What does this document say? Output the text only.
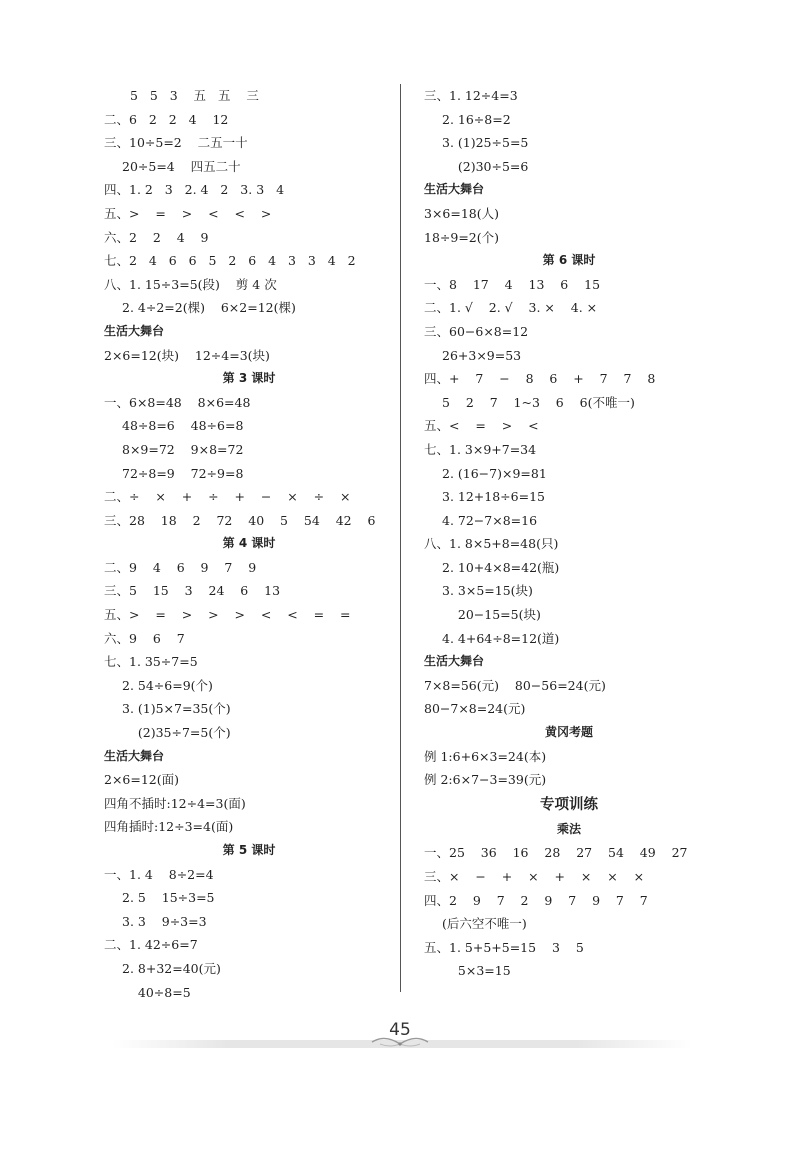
5   5   3    五   五    三
二、6   2   2   4    12
三、10÷5=2    二五一十
20÷5=4    四五二十
四、1. 2   3   2. 4   2   3. 3   4
五、>    =    >    <    <    >
六、2    2    4    9
七、2   4   6   6   5   2   6   4   3   3   4   2
八、1. 15÷3=5(段)    剪 4 次
2. 4÷2=2(棵)    6×2=12(棵)
生活大舞台
2×6=12(块)    12÷4=3(块)
第 3 课时
一、6×8=48    8×6=48
48÷8=6    48÷6=8
8×9=72    9×8=72
72÷8=9    72÷9=8
二、÷    ×    +    ÷    +    −    ×    ÷    ×
三、28    18    2    72    40    5    54    42    6
第 4 课时
二、9    4    6    9    7    9
三、5    15    3    24    6    13
五、>    =    >    >    >    <    <    =    =
六、9    6    7
七、1. 35÷7=5
2. 54÷6=9(个)
3. (1)5×7=35(个)
(2)35÷7=5(个)
生活大舞台
2×6=12(面)
四角不插时:12÷4=3(面)
四角插时:12÷3=4(面)
第 5 课时
一、1. 4    8÷2=4
2. 5    15÷3=5
3. 3    9÷3=3
二、1. 42÷6=7
2. 8+32=40(元)
40÷8=5
三、1. 12÷4=3
2. 16÷8=2
3. (1)25÷5=5
(2)30÷5=6
生活大舞台
3×6=18(人)
18÷9=2(个)
第 6 课时
一、8    17    4    13    6    15
二、1. √    2. √    3. ×    4. ×
三、60−6×8=12
26+3×9=53
四、+    7    −    8    6    +    7    7    8
5    2    7    1~3    6    6(不唯一)
五、<    =    >    <
七、1. 3×9+7=34
2. (16−7)×9=81
3. 12+18÷6=15
4. 72−7×8=16
八、1. 8×5+8=48(只)
2. 10+4×8=42(瓶)
3. 3×5=15(块)
20−15=5(块)
4. 4+64÷8=12(道)
生活大舞台
7×8=56(元)    80−56=24(元)
80−7×8=24(元)
黄冈考题
例 1:6+6×3=24(本)
例 2:6×7−3=39(元)
专项训练
乘法
一、25    36    16    28    27    54    49    27
三、×    −    +    ×    +    ×    ×    ×
四、2    9    7    2    9    7    9    7    7
(后六空不唯一)
五、1. 5+5+5=15    3    5
5×3=15
45
